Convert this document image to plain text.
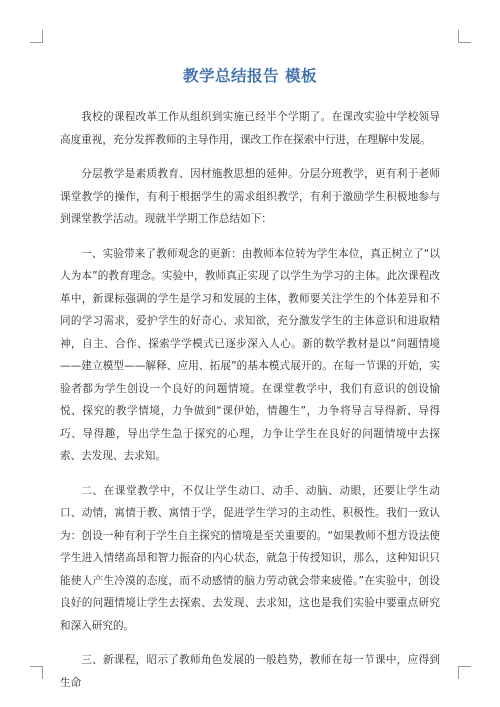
教学总结报告 模板

我校的课程改革工作从组织到实施已经半个学期了。在课改实验中学校领导高度重视，充分发挥教师的主导作用，课改工作在探索中行进，在理解中发展。

分层教学是素质教育、因材施教思想的延伸。分层分班教学，更有利于老师课堂教学的操作，有利于根据学生的需求组织教学，有利于激励学生积极地参与到课堂教学活动。现就半学期工作总结如下：

一、实验带来了教师观念的更新：由教师本位转为学生本位，真正树立了“以人为本”的教育理念。实验中，教师真正实现了以学生为学习的主体。此次课程改革中，新课标强调的学生是学习和发展的主体，教师要关注学生的个体差异和不同的学习需求，爱护学生的好奇心、求知欲，充分激发学生的主体意识和进取精神，自主、合作、探索学学模式已逐步深入人心。新的数学教材是以“问题情境——建立模型——解释、应用、拓展”的基本模式展开的。在每一节课的开始，实验者都为学生创设一个良好的问题情境。在课堂教学中，我们有意识的创设愉悦、探究的教学情境，力争做到“课伊始，情趣生”，力争将导言导得新、导得巧、导得趣，导出学生急于探究的心理，力争让学生在良好的问题情境中去探索、去发现、去求知。

二、在课堂教学中，不仅让学生动口、动手、动脑、动眼，还要让学生动口、动情，寓情于教、寓情于学，促进学生学习的主动性、积极性。我们一致认为：创设一种有利于学生自主探究的情境是至关重要的。“如果教师不想方设法使学生进入情绪高昂和智力振奋的内心状态，就急于传授知识，那么，这种知识只能使人产生冷漠的态度，而不动感情的脑力劳动就会带来疲倦。”在实验中，创设良好的问题情境让学生去探索、去发现、去求知，这也是我们实验中要重点研究和深入研究的。

三、新课程，昭示了教师角色发展的一般趋势，教师在每一节课中，应得到生命
